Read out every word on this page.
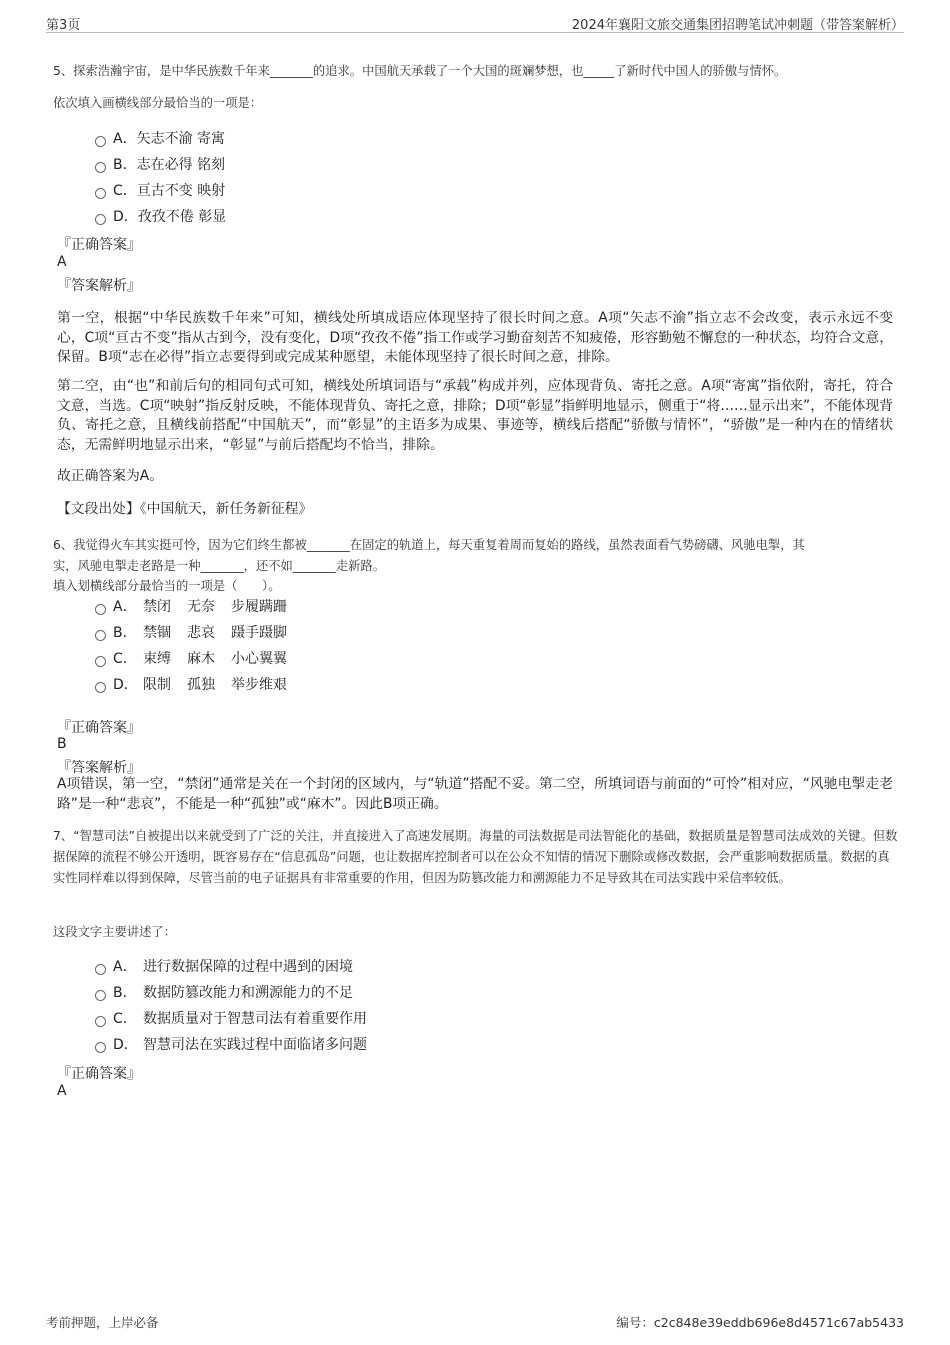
第3页	2024年襄阳文旅交通集团招聘笔试冲刺题（带答案解析）
5、探索浩瀚宇宙，是中华民族数千年来_______的追求。中国航天承载了一个大国的斑斓梦想，也_____了新时代中国人的骄傲与情怀。
依次填入画横线部分最恰当的一项是：
A．矢志不渝 寄寓
B．志在必得 铭刻
C．亘古不变 映射
D．孜孜不倦 彰显
『正确答案』
A
『答案解析』
第一空，根据“中华民族数千年来”可知，横线处所填成语应体现坚持了很长时间之意。A项“矢志不渝”指立志不会改变，表示永远不变心，C项“亘古不变”指从古到今，没有变化，D项“孜孜不倦”指工作或学习勤奋刻苦不知疲倦，形容勤勉不懈怠的一种状态，均符合文意，保留。B项“志在必得”指立志要得到或完成某种愿望，未能体现坚持了很长时间之意，排除。
第二空，由“也”和前后句的相同句式可知，横线处所填词语与“承载”构成并列，应体现背负、寄托之意。A项“寄寓”指依附，寄托，符合文意，当选。C项“映射”指反射反映，不能体现背负、寄托之意，排除；D项“彰显”指鲜明地显示，侧重于“将……显示出来”，不能体现背负、寄托之意，且横线前搭配“中国航天”，而“彰显”的主语多为成果、事迹等，横线后搭配“骄傲与情怀”，“骄傲”是一种内在的情绪状态，无需鲜明地显示出来，“彰显”与前后搭配均不恰当，排除。
故正确答案为A。
【文段出处】《中国航天，新任务新征程》
6、我觉得火车其实挺可怜，因为它们终生都被_______在固定的轨道上，每天重复着周而复始的路线，虽然表面看气势磅礴、风驰电掣，其
实，风驰电掣走老路是一种_______，还不如_______走新路。
填入划横线部分最恰当的一项是（　　）。
A． 禁闭 无奈 步履蹒跚
B． 禁锢 悲哀 蹑手蹑脚
C． 束缚 麻木 小心翼翼
D． 限制 孤独 举步维艰
『正确答案』
B
『答案解析』
A项错误，第一空，“禁闭”通常是关在一个封闭的区域内，与“轨道”搭配不妥。第二空，所填词语与前面的“可怜”相对应，“风驰电掣走老路”是一种“悲哀”，不能是一种“孤独”或“麻木”。因此B项正确。
7、“智慧司法”自被提出以来就受到了广泛的关注，并直接进入了高速发展期。海量的司法数据是司法智能化的基础，数据质量是智慧司法成效的关键。但数据保障的流程不够公开透明，既容易存在“信息孤岛”问题，也让数据库控制者可以在公众不知情的情况下删除或修改数据，会严重影响数据质量。数据的真实性同样难以得到保障，尽管当前的电子证据具有非常重要的作用，但因为防篡改能力和溯源能力不足导致其在司法实践中采信率较低。
这段文字主要讲述了：
A． 进行数据保障的过程中遇到的困境
B． 数据防篡改能力和溯源能力的不足
C． 数据质量对于智慧司法有着重要作用
D． 智慧司法在实践过程中面临诸多问题
『正确答案』
A
考前押题，上岸必备	编号：c2c848e39eddb696e8d4571c67ab5433
